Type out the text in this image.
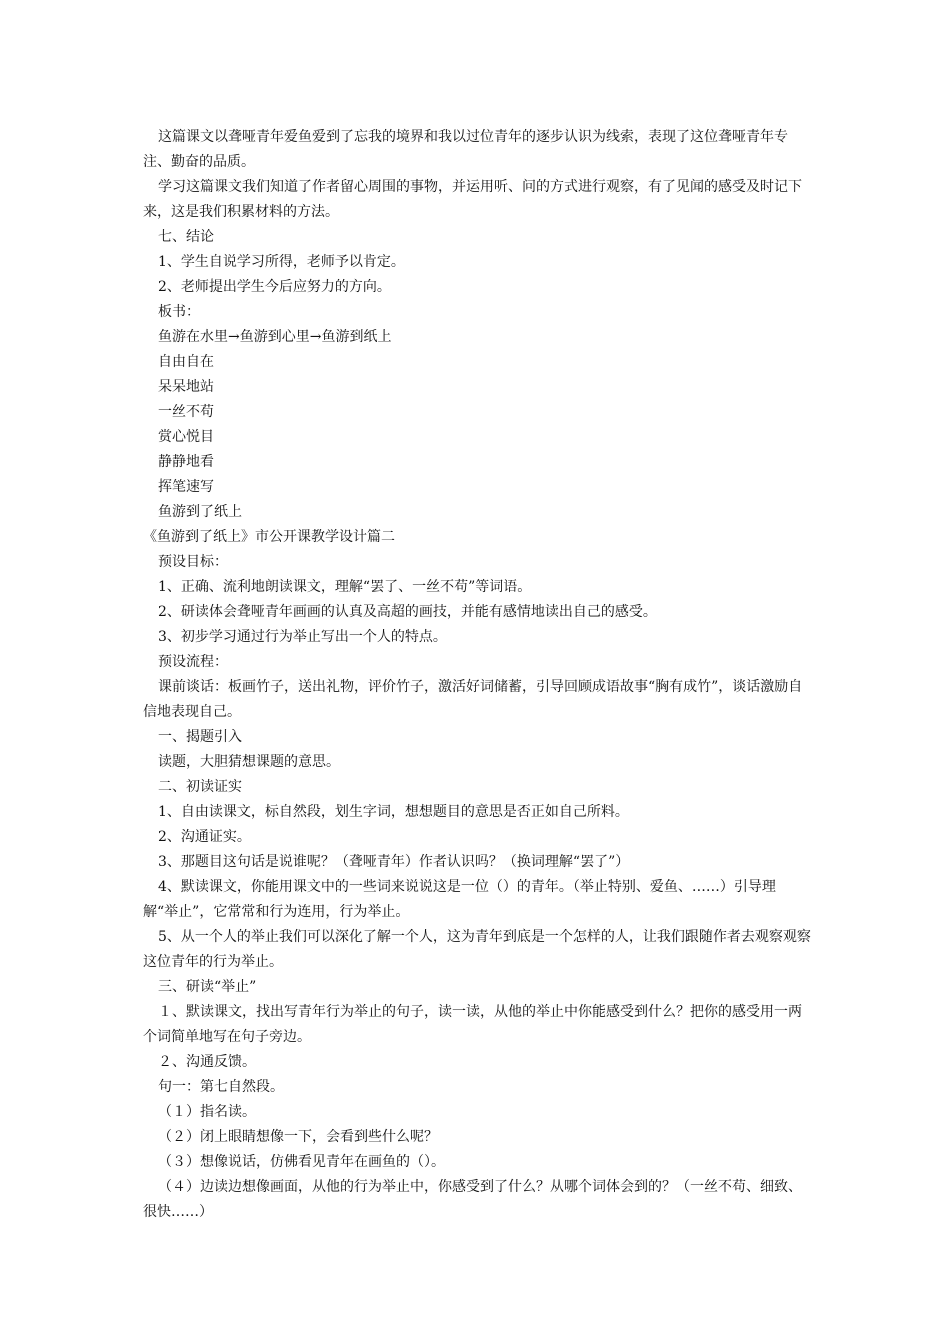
这篇课文以聋哑青年爱鱼爱到了忘我的境界和我以过位青年的逐步认识为线索，表现了这位聋哑青年专注、勤奋的品质。

学习这篇课文我们知道了作者留心周围的事物，并运用听、问的方式进行观察，有了见闻的感受及时记下来，这是我们积累材料的方法。

七、结论

1、学生自说学习所得，老师予以肯定。

2、老师提出学生今后应努力的方向。

板书：

鱼游在水里→鱼游到心里→鱼游到纸上

自由自在

呆呆地站

一丝不苟

赏心悦目

静静地看

挥笔速写

鱼游到了纸上

《鱼游到了纸上》市公开课教学设计篇二

预设目标：

1、正确、流利地朗读课文，理解“罢了、一丝不苟”等词语。

2、研读体会聋哑青年画画的认真及高超的画技，并能有感情地读出自己的感受。

3、初步学习通过行为举止写出一个人的特点。

预设流程：

课前谈话：板画竹子，送出礼物，评价竹子，激活好词储蓄，引导回顾成语故事“胸有成竹”，谈话激励自信地表现自己。

一、揭题引入

读题，大胆猜想课题的意思。

二、初读证实

1、自由读课文，标自然段，划生字词，想想题目的意思是否正如自己所料。

2、沟通证实。

3、那题目这句话是说谁呢？（聋哑青年）作者认识吗？（换词理解“罢了”）

4、默读课文，你能用课文中的一些词来说说这是一位（）的青年。（举止特别、爱鱼、……）引导理解“举止”，它常常和行为连用，行为举止。

5、从一个人的举止我们可以深化了解一个人，这为青年到底是一个怎样的人，让我们跟随作者去观察观察这位青年的行为举止。

三、研读“举止”

１、默读课文，找出写青年行为举止的句子，读一读，从他的举止中你能感受到什么？把你的感受用一两个词简单地写在句子旁边。

２、沟通反馈。

句一：第七自然段。

（１）指名读。

（２）闭上眼睛想像一下，会看到些什么呢？

（３）想像说话，仿佛看见青年在画鱼的（）。

（４）边读边想像画面，从他的行为举止中，你感受到了什么？从哪个词体会到的？（一丝不苟、细致、很快……）
